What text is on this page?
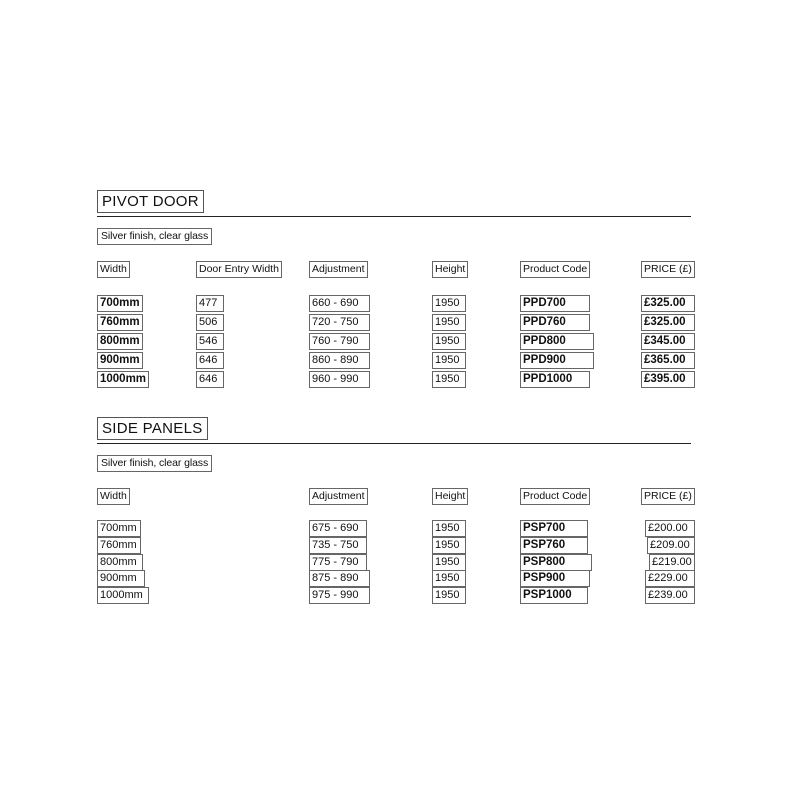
PIVOT DOOR
Silver finish, clear glass
Width	Door Entry Width	Adjustment	Height	Product Code	PRICE (£)
700mm	477	660 - 690	1950	PPD700	£325.00
760mm	506	720 - 750	1950	PPD760	£325.00
800mm	546	760 - 790	1950	PPD800	£345.00
900mm	646	860 - 890	1950	PPD900	£365.00
1000mm	646	960 - 990	1950	PPD1000	£395.00
SIDE PANELS
Silver finish, clear glass
Width	Adjustment	Height	Product Code	PRICE (£)
700mm	675 - 690	1950	PSP700	£200.00
760mm	735 - 750	1950	PSP760	£209.00
800mm	775 - 790	1950	PSP800	£219.00
900mm	875 - 890	1950	PSP900	£229.00
1000mm	975 - 990	1950	PSP1000	£239.00
